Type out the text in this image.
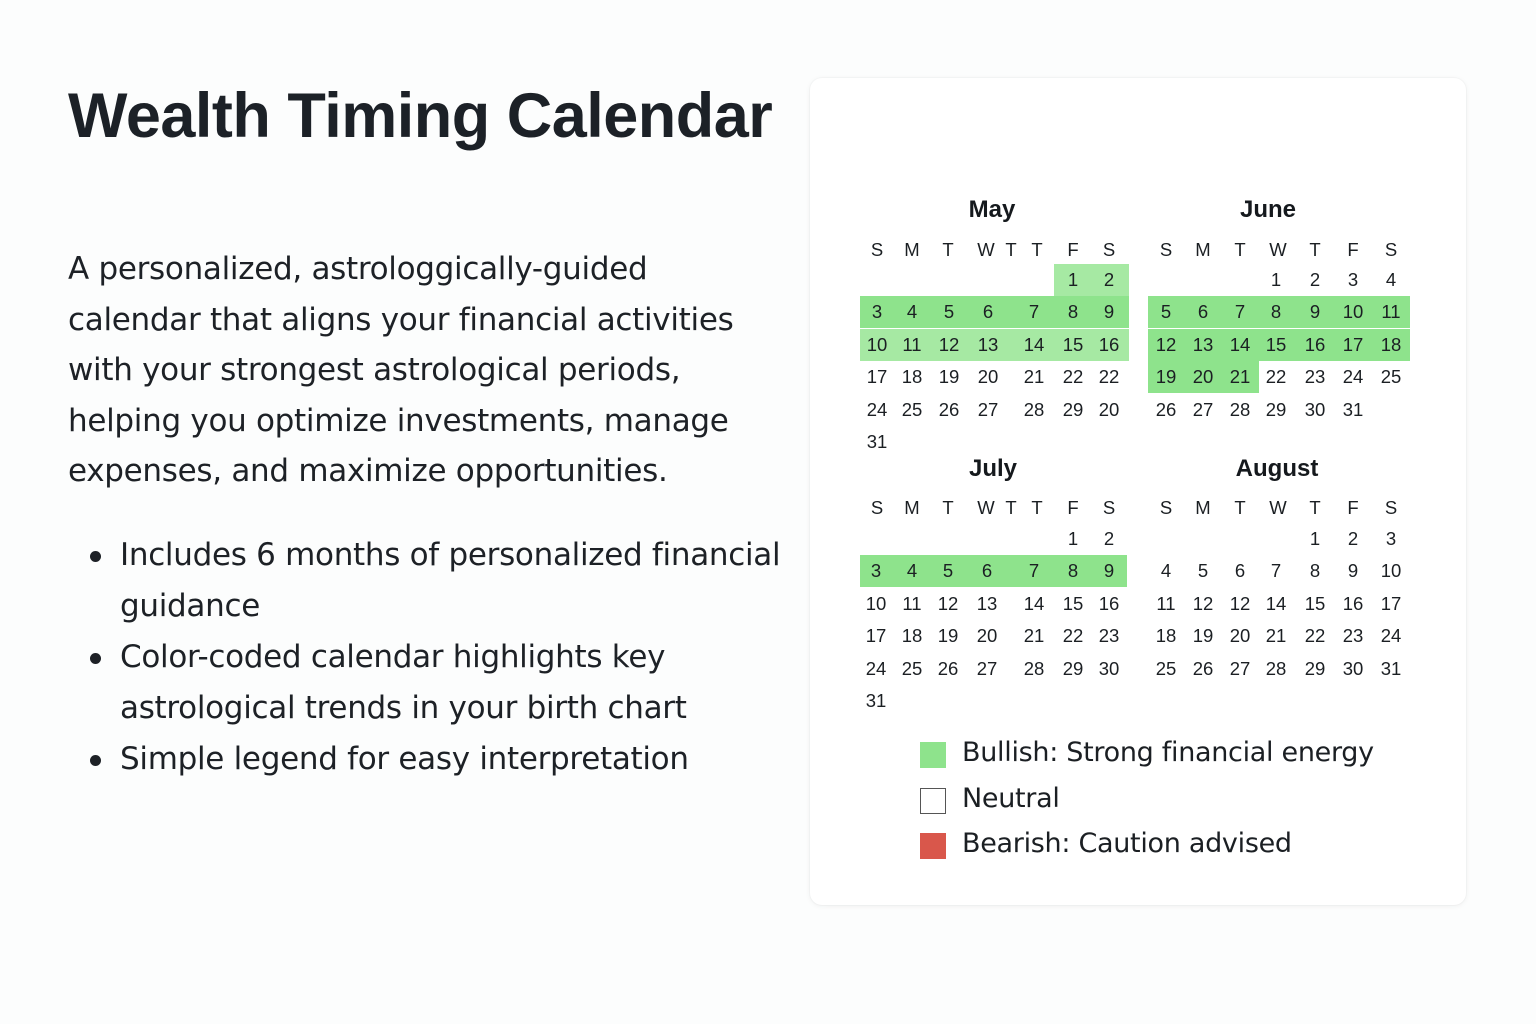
Wealth Timing Calendar

A personalized, astrologgically-guided calendar that aligns your financial activities with your strongest astrological periods, helping you optimize investments, manage expenses, and maximize opportunities.

Includes 6 months of personalized financial guidance
Color-coded calendar highlights key astrological trends in your birth chart
Simple legend for easy interpretation
May
S M T W T T F S
1 2
3 4 5 6 7 8 9
10 11 12 13 14 15 16
17 18 19 20 21 22 22
24 25 26 27 28 29 20
31
June
S M T W T F S
1 2 3 4
5 6 7 8 9 10 11
12 13 14 15 16 17 18
19 20 21 22 23 24 25
26 27 28 29 30 31
July
S M T W T T F S
1 2
3 4 5 6 7 8 9
10 11 12 13 14 15 16
17 18 19 20 21 22 23
24 25 26 27 28 29 30
31
August
S M T W T F S
1 2 3
4 5 6 7 8 9 10
11 12 12 14 15 16 17
18 19 20 21 22 23 24
25 26 27 28 29 30 31
Bullish: Strong financial energy
Neutral
Bearish: Caution advised
